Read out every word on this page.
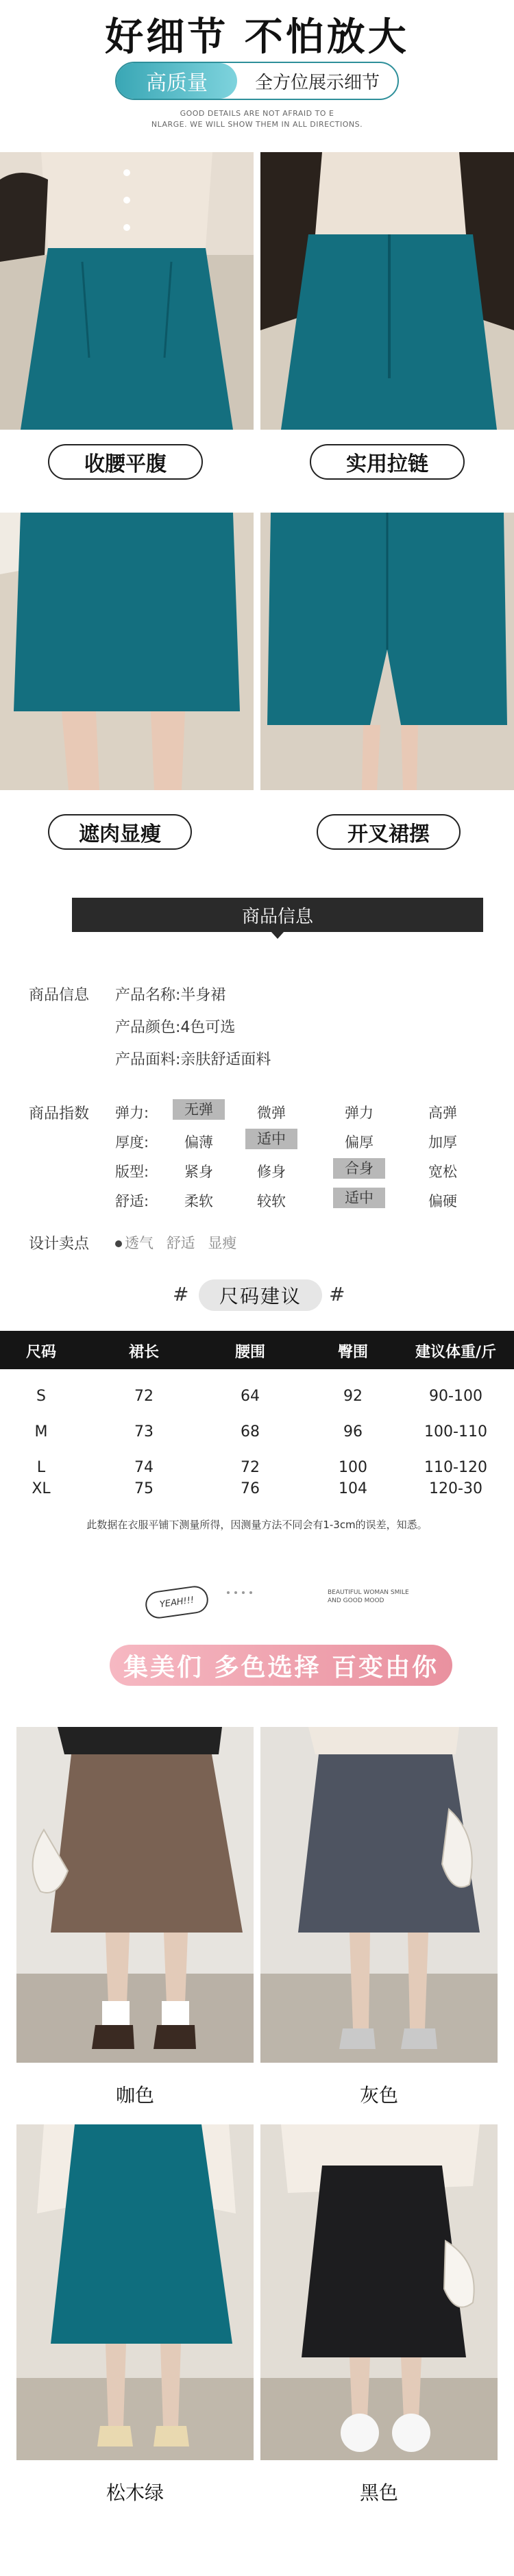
好细节 不怕放大
高质量	全方位展示细节
GOOD DETAILS ARE NOT AFRAID TO E
NLARGE. WE WILL SHOW THEM IN ALL DIRECTIONS.
收腰平腹	实用拉链
遮肉显瘦	开叉裙摆
商品信息
商品信息 产品名称:半身裙
产品颜色:4色可选
产品面料:亲肤舒适面料
商品指数 弹力:	无弹	微弹	弹力	高弹
厚度:	偏薄	适中	偏厚	加厚
版型:	紧身	修身	合身	宽松
舒适:	柔软	较软	适中	偏硬
设计卖点	透气 舒适 显瘦
#	尺码建议	#
尺码	裙长	腰围	臀围	建议体重/斤
S	72	64	92	90-100
M	73	68	96	100-110
L	74	72	100	110-120
XL	75	76	104	120-30
此数据在衣服平铺下测量所得，因测量方法不同会有1-3cm的误差，知悉。
YEAH!!!
BEAUTIFUL WOMAN SMILE
AND GOOD MOOD
集美们 多色选择 百变由你
咖色	灰色
松木绿	黑色
